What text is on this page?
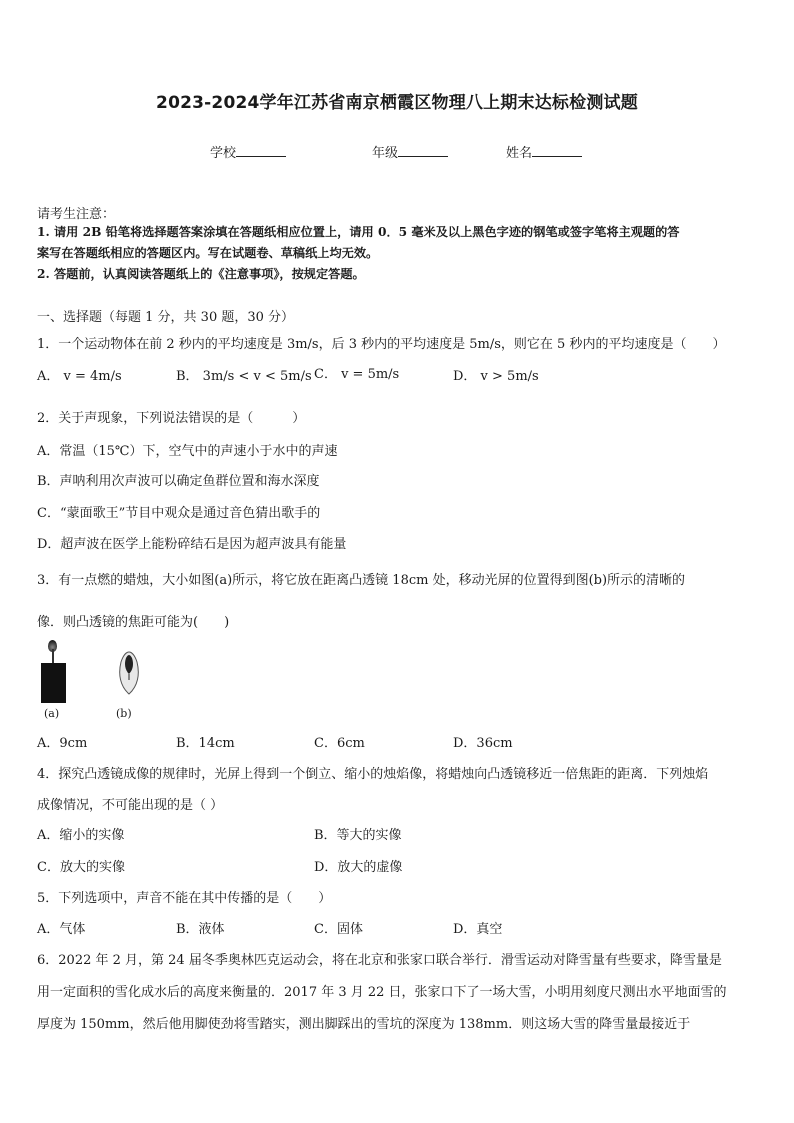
2023-2024学年江苏省南京栖霞区物理八上期末达标检测试题
学校	年级	姓名
请考生注意：
1. 请用 2B 铅笔将选择题答案涂填在答题纸相应位置上，请用 0．5 毫米及以上黑色字迹的钢笔或签字笔将主观题的答
案写在答题纸相应的答题区内。写在试题卷、草稿纸上均无效。
2. 答题前，认真阅读答题纸上的《注意事项》，按规定答题。
一、选择题（每题 1 分，共 30 题，30 分）
1．一个运动物体在前 2 秒内的平均速度是 3m/s，后 3 秒内的平均速度是 5m/s，则它在 5 秒内的平均速度是（　　）
A． v = 4m/s	B． 3m/s < v < 5m/s C． v = 5m/s	D． v > 5m/s
2．关于声现象，下列说法错误的是（　　　）
A．常温（15℃）下，空气中的声速小于水中的声速
B．声呐利用次声波可以确定鱼群位置和海水深度
C．“蒙面歌王”节目中观众是通过音色猜出歌手的
D．超声波在医学上能粉碎结石是因为超声波具有能量
3．有一点燃的蜡烛，大小如图(a)所示，将它放在距离凸透镜 18cm 处，移动光屏的位置得到图(b)所示的清晰的
像．则凸透镜的焦距可能为(　　)
(a)	(b)
A．9cm	B．14cm	C．6cm	D．36cm
4．探究凸透镜成像的规律时，光屏上得到一个倒立、缩小的烛焰像，将蜡烛向凸透镜移近一倍焦距的距离．下列烛焰
成像情况，不可能出现的是（ ）
A．缩小的实像	B．等大的实像
C．放大的实像	D．放大的虚像
5．下列选项中，声音不能在其中传播的是（　　）
A．气体	B．液体	C．固体	D．真空
6．2022 年 2 月，第 24 届冬季奥林匹克运动会，将在北京和张家口联合举行．滑雪运动对降雪量有些要求，降雪量是
用一定面积的雪化成水后的高度来衡量的．2017 年 3 月 22 日，张家口下了一场大雪，小明用刻度尺测出水平地面雪的
厚度为 150mm，然后他用脚使劲将雪踏实，测出脚踩出的雪坑的深度为 138mm．则这场大雪的降雪量最接近于
